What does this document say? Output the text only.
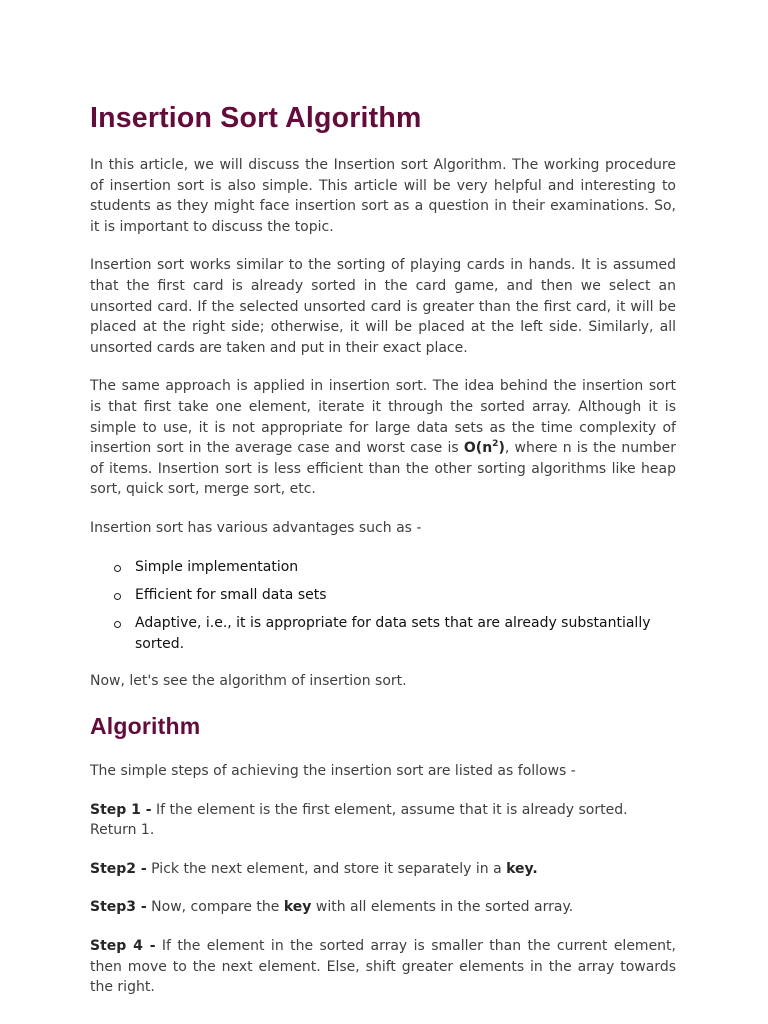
Insertion Sort Algorithm

In this article, we will discuss the Insertion sort Algorithm. The working procedure of insertion sort is also simple. This article will be very helpful and interesting to students as they might face insertion sort as a question in their examinations. So, it is important to discuss the topic.

Insertion sort works similar to the sorting of playing cards in hands. It is assumed that the first card is already sorted in the card game, and then we select an unsorted card. If the selected unsorted card is greater than the first card, it will be placed at the right side; otherwise, it will be placed at the left side. Similarly, all unsorted cards are taken and put in their exact place.

The same approach is applied in insertion sort. The idea behind the insertion sort is that first take one element, iterate it through the sorted array. Although it is simple to use, it is not appropriate for large data sets as the time complexity of insertion sort in the average case and worst case is $O(n^2)$, where n is the number of items. Insertion sort is less efficient than the other sorting algorithms like heap sort, quick sort, merge sort, etc.

Insertion sort has various advantages such as -

Simple implementation
Efficient for small data sets
Adaptive, i.e., it is appropriate for data sets that are already substantially sorted.

Now, let's see the algorithm of insertion sort.

Algorithm

The simple steps of achieving the insertion sort are listed as follows -

Step 1 - If the element is the first element, assume that it is already sorted. Return 1.

Step2 - Pick the next element, and store it separately in a key.

Step3 - Now, compare the key with all elements in the sorted array.

Step 4 - If the element in the sorted array is smaller than the current element, then move to the next element. Else, shift greater elements in the array towards the right.
